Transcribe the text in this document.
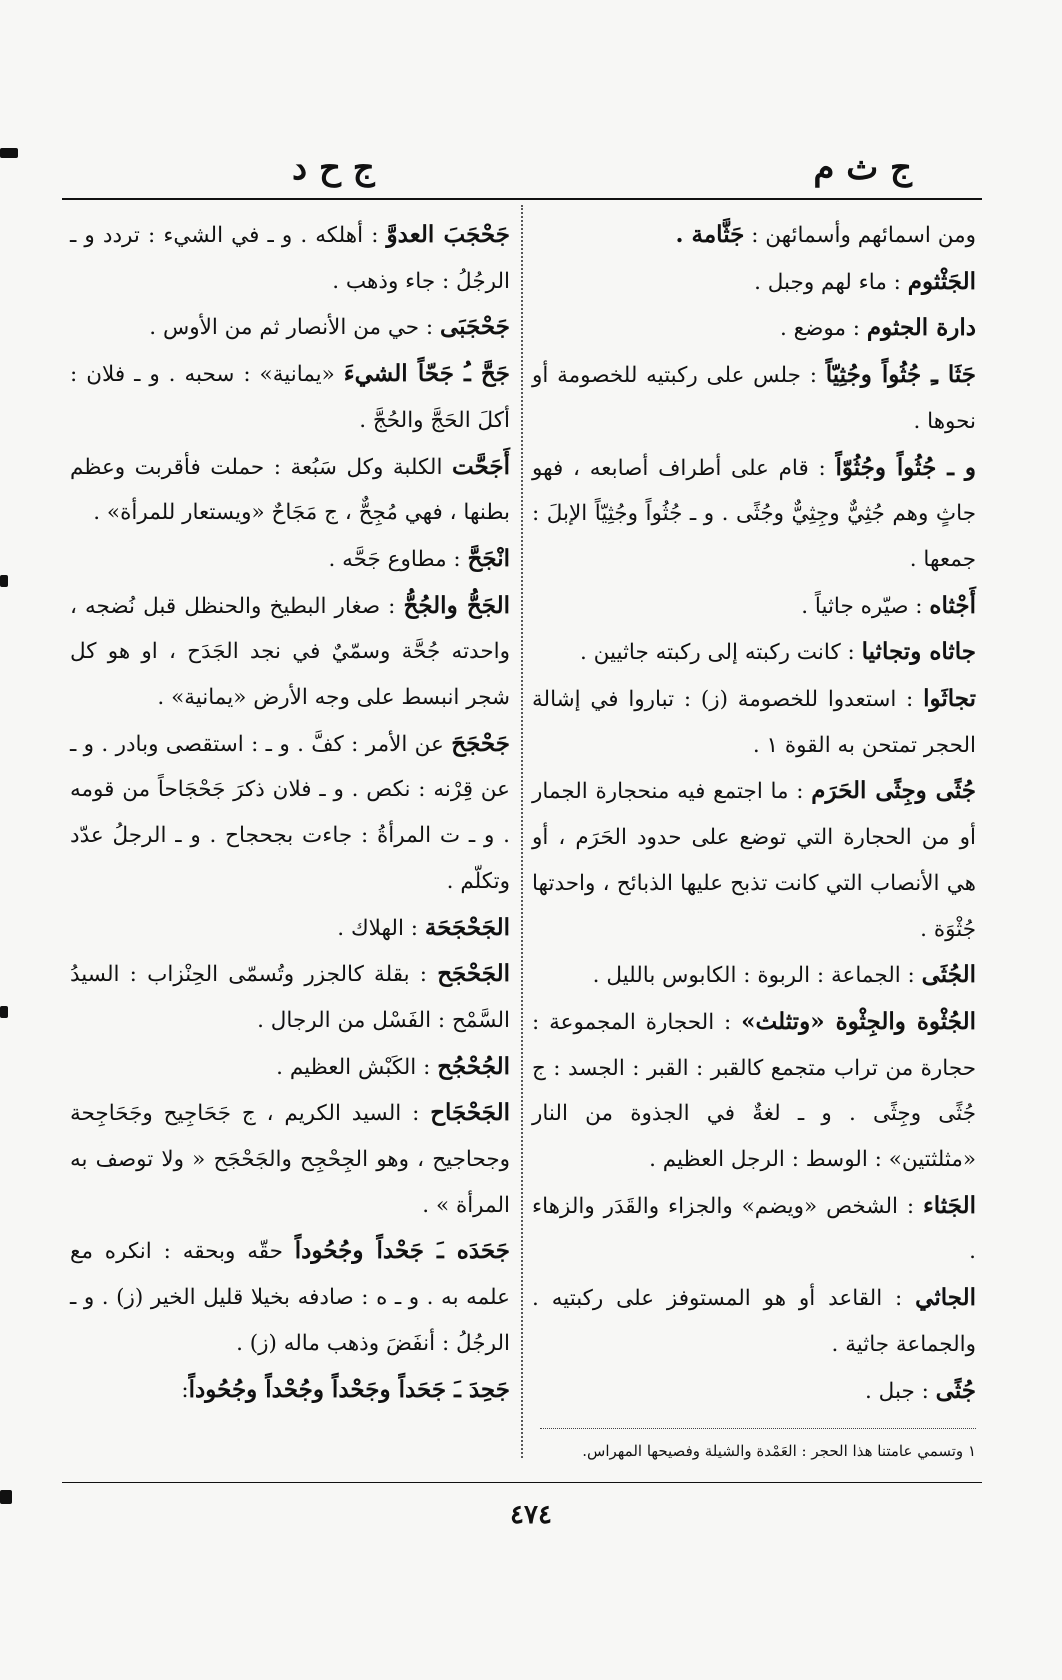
ج ث م
ج ح د

ومن اسمائهم وأسمائهن : جَثَّامة .

الجَثْثوم : ماء لهم وجبل .

دارة الجثوم : موضع .

جَثَا ـِ جُثُواً وجُثِيّاً : جلس على ركبتيه للخصومة أو نحوها .

و ـ جُثُواً وجُثُوّاً : قام على أطراف أصابعه ، فهو جاثٍ وهم جُثِيٌّ وجِثِيٌّ وجُثًى . و ـ جُثُواً وجُثِيّاً الإبلَ : جمعها .

أَجْثاه : صيّره جاثياً .

جاثاه وتجاثيا : كانت ركبته إلى ركبته جاثيين .

تجاثَوا : استعدوا للخصومة (ز) : تباروا في إشالة الحجر تمتحن به القوة ١ .

جُثًى وجِثًى الحَرَم : ما اجتمع فيه منحجارة الجمار أو من الحجارة التي توضع على حدود الحَرَم ، أو هي الأنصاب التي كانت تذبح عليها الذبائح ، واحدتها جُثْوَة .

الجُثَى : الجماعة : الربوة : الكابوس بالليل .

الجُثْوة والجِثْوة «وتثلث» : الحجارة المجموعة : حجارة من تراب متجمع كالقبر : القبر : الجسد : ج جُثًى وجِثًى . و ـ لغةٌ في الجذوة من النار «مثلثتين» : الوسط : الرجل العظيم .

الجَثاء : الشخص «ويضم» والجزاء والقَدَر والزهاء .

الجاثي : القاعد أو هو المستوفز على ركبتيه . والجماعة جاثية .

جُثًى : جبل .

جَحْجَبَ العدوَّ : أهلكه . و ـ في الشيء : تردد و ـ الرجُلُ : جاء وذهب .

جَحْجَبَى : حي من الأنصار ثم من الأوس .

جَحَّ ـُ جَحّاً الشيءَ «يمانية» : سحبه . و ـ فلان : أكلَ الحَجَّ والحُجَّ .

أَجَحَّت الكلبة وكل سَبُعة : حملت فأقربت وعظم بطنها ، فهي مُجِحٌّ ، ج مَجَاحٌ «ويستعار للمرأة» .

انْجَحَّ : مطاوع جَحَّه .

الجَحُّ والجُحُّ : صغار البطيخ والحنظل قبل نُضجه ، واحدته جُحَّة وسمّيٌ في نجد الجَدَح ، او هو كل شجر انبسط على وجه الأرض «يمانية» .

جَحْجَحَ عن الأمر : كفَّ . و ـ : استقصى وبادر . و ـ عن قِرْنه : نكص . و ـ فلان ذكرَ جَحْجَاحاً من قومه . و ـ ت المرأةُ : جاءت بجحجاح . و ـ الرجلُ عدّد وتكلّم .

الجَحْجَحَة : الهلاك .

الجَحْجَح : بقلة كالجزر وتُسمّى الحِنْزاب : السيدُ السَّمْح : الفَسْل من الرجال .

الجُحْجُح : الكَبْش العظيم .

الجَحْجَاح : السيد الكريم ، ج جَحَاجِيح وجَحَاجِحة وجحاجيح ، وهو الجِحْجِح والجَحْجَح « ولا توصف به المرأة » .

جَحَدَه ـَ جَحْداً وجُحُوداً حقّه وبحقه : انكره مع علمه به . و ـ ه : صادفه بخيلا قليل الخير (ز) . و ـ الرجُلُ : أنفَضَ وذهب ماله (ز) .

جَحِدَ ـَ جَحَداً وجَحْداً وجُحْداً وجُحُوداً:

١ وتسمي عامتنا هذا الحجر : العَمْدة والشيلة وفصيحها المهراس.
٤٧٤
